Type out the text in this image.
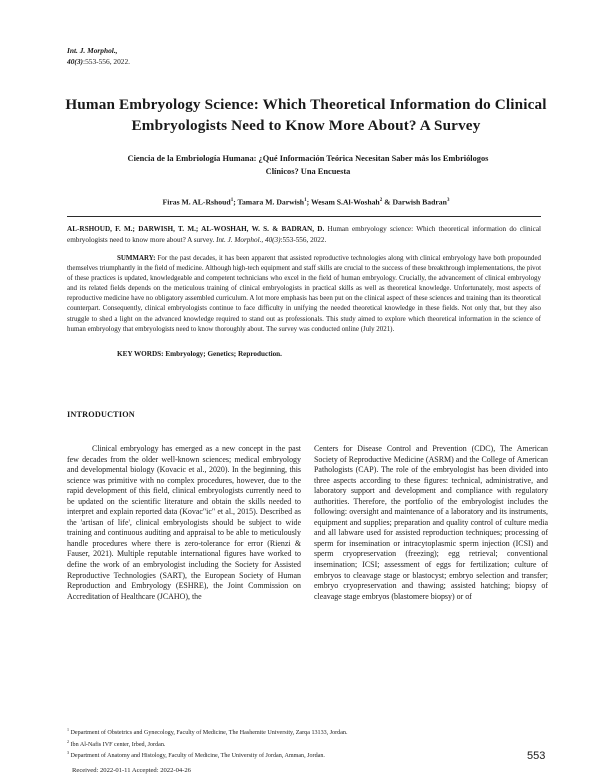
Int. J. Morphol.,
40(3):553-556, 2022.
Human Embryology Science: Which Theoretical Information do Clinical Embryologists Need to Know More About? A Survey
Ciencia de la Embriología Humana: ¿Qué Información Teórica Necesitan Saber más los Embriólogos Clínicos? Una Encuesta
Firas M. AL-Rshoud$^1$; Tamara M. Darwish$^1$; Wesam S.Al-Woshah$^2$ & Darwish Badran$^3$
AL-RSHOUD, F. M.; DARWISH, T. M.; AL-WOSHAH, W. S. & BADRAN, D. Human embryology science: Which theoretical information do clinical embryologists need to know more about? A survey. Int. J. Morphol., 40(3):553-556, 2022.
SUMMARY: For the past decades, it has been apparent that assisted reproductive technologies along with clinical embryology have both propounded themselves triumphantly in the field of medicine. Although high-tech equipment and staff skills are crucial to the success of these breakthrough implementations, the pivot of these practices is updated, knowledgeable and competent technicians who excel in the field of human embryology. Crucially, the advancement of clinical embryology and its related fields depends on the meticulous training of clinical embryologists in practical skills as well as theoretical knowledge. Unfortunately, most aspects of reproductive medicine have no obligatory assembled curriculum. A lot more emphasis has been put on the clinical aspect of these sciences and training than its theoretical counterpart. Consequently, clinical embryologists continue to face difficulty in unifying the needed theoretical knowledge in these fields. Not only that, but they also struggle to shed a light on the advanced knowledge required to stand out as professionals. This study aimed to explore which theoretical information in the science of human embryology that embryologists need to know thoroughly about. The survey was conducted online (July 2021).
KEY WORDS: Embryology; Genetics; Reproduction.
INTRODUCTION
Clinical embryology has emerged as a new concept in the past few decades from the older well-known sciences; medical embryology and developmental biology (Kovacic et al., 2020). In the beginning, this science was primitive with no complex procedures, however, due to the rapid development of this field, clinical embryologists currently need to be updated on the scientific literature and obtain the skills needed to interpret and explain reported data (Kovac"ic" et al., 2015). Described as the 'artisan of life', clinical embryologists should be subject to wide training and continuous auditing and appraisal to be able to meticulously handle procedures where there is zero-tolerance for error (Rienzi & Fauser, 2021). Multiple reputable international figures have worked to define the work of an embryologist including the Society for Assisted Reproductive Technologies (SART), the European Society of Human Reproduction and Embryology (ESHRE), the Joint Commission on Accreditation of Healthcare (JCAHO), the
Centers for Disease Control and Prevention (CDC), The American Society of Reproductive Medicine (ASRM) and the College of American Pathologists (CAP). The role of the embryologist has been divided into three aspects according to these figures: technical, administrative, and laboratory support and development and compliance with regulatory authorities. Therefore, the portfolio of the embryologist includes the following: oversight and maintenance of a laboratory and its instruments, equipment and supplies; preparation and quality control of culture media and all labware used for assisted reproduction techniques; processing of sperm for insemination or intracytoplasmic sperm injection (ICSI) and sperm cryopreservation (freezing); egg retrieval; conventional insemination; ICSI; assessment of eggs for fertilization; culture of embryos to cleavage stage or blastocyst; embryo selection and transfer; embryo cryopreservation and thawing; assisted hatching; biopsy of cleavage stage embryos (blastomere biopsy) or of
$^1$ Department of Obstetrics and Gynecology, Faculty of Medicine, The Hashemite University, Zarqa 13133, Jordan.
$^2$ Ibn Al-Nafis IVF center, Irbed, Jordan.
$^3$ Department of Anatomy and Histology, Faculty of Medicine, The University of Jordan, Amman, Jordan.
Received: 2022-01-11 Accepted: 2022-04-26
553
